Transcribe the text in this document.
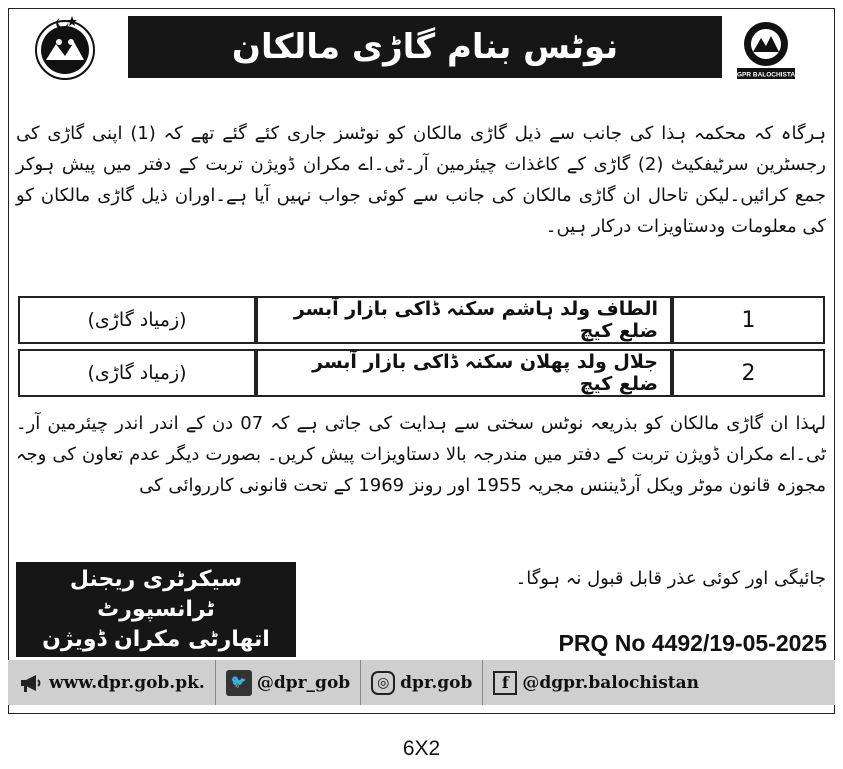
DGPR BALOCHISTAN
نوٹس بنام گاڑی مالکان
ہرگاہ کہ محکمہ ہذا کی جانب سے ذیل گاڑی مالکان کو نوٹسز جاری کئے گئے تھے کہ (1) اپنی گاڑی کی رجسٹرین سرٹیفکیٹ (2) گاڑی کے کاغذات چیئرمین آر۔ٹی۔اے مکران ڈویژن تربت کے دفتر میں پیش ہوکر جمع کرائیں۔لیکن تاحال ان گاڑی مالکان کی جانب سے کوئی جواب نہیں آیا ہے۔اوران ذیل گاڑی مالکان کو کی معلومات ودستاویزات درکار ہیں۔
1	الطاف ولد ہاشم سکنہ ڈاکی بازار آبسر ضلع کیچ	(زمیاد گاڑی)
2	جلال ولد پھلان سکنہ ڈاکی بازار آبسر ضلع کیچ	(زمیاد گاڑی)
لہذا ان گاڑی مالکان کو بذریعہ نوٹس سختی سے ہدایت کی جاتی ہے کہ 07 دن کے اندر اندر چیئرمین آر۔ٹی۔اے مکران ڈویژن تربت کے دفتر میں مندرجہ بالا دستاویزات پیش کریں۔ بصورت دیگر عدم تعاون کی وجہ مجوزہ قانون موٹر ویکل آرڈیننس مجریہ 1955 اور رونز 1969 کے تحت قانونی کارروائی کی
جائیگی اور کوئی عذر قابل قبول نہ ہوگا۔
سیکرٹری ریجنل ٹرانسپورٹ
اتھارٹی مکران ڈویژن	PRQ No 4492/19-05-2025
www.dpr.gob.pk.	🐦 @dpr_gob	◎ dpr.gob	f @dgpr.balochistan
6X2
